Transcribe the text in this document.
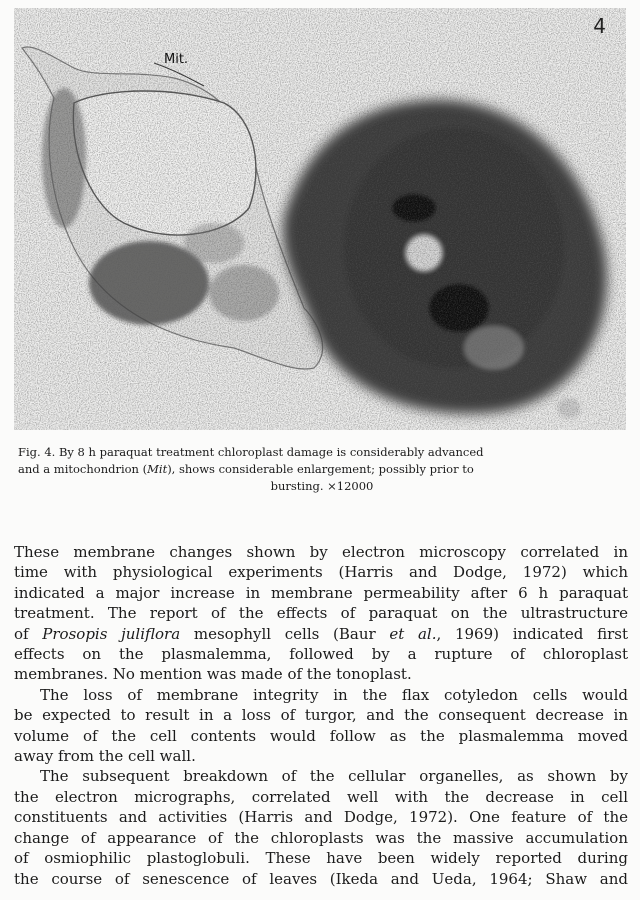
4
Mit.
Fig. 4. By 8 h paraquat treatment chloroplast damage is considerably advanced
and a mitochondrion (Mit), shows considerable enlargement; possibly prior to
bursting. ×12000
These membrane changes shown by electron microscopy correlated in
time with physiological experiments (Harris and Dodge, 1972) which
indicated a major increase in membrane permeability after 6 h paraquat
treatment. The report of the effects of paraquat on the ultrastructure
of Prosopis juliflora mesophyll cells (Baur et al., 1969) indicated first
effects on the plasmalemma, followed by a rupture of chloroplast
membranes. No mention was made of the tonoplast.
The loss of membrane integrity in the flax cotyledon cells would
be expected to result in a loss of turgor, and the consequent decrease in
volume of the cell contents would follow as the plasmalemma moved
away from the cell wall.
The subsequent breakdown of the cellular organelles, as shown by
the electron micrographs, correlated well with the decrease in cell
constituents and activities (Harris and Dodge, 1972). One feature of the
change of appearance of the chloroplasts was the massive accumulation
of osmiophilic plastoglobuli. These have been widely reported during
the course of senescence of leaves (Ikeda and Ueda, 1964; Shaw and
